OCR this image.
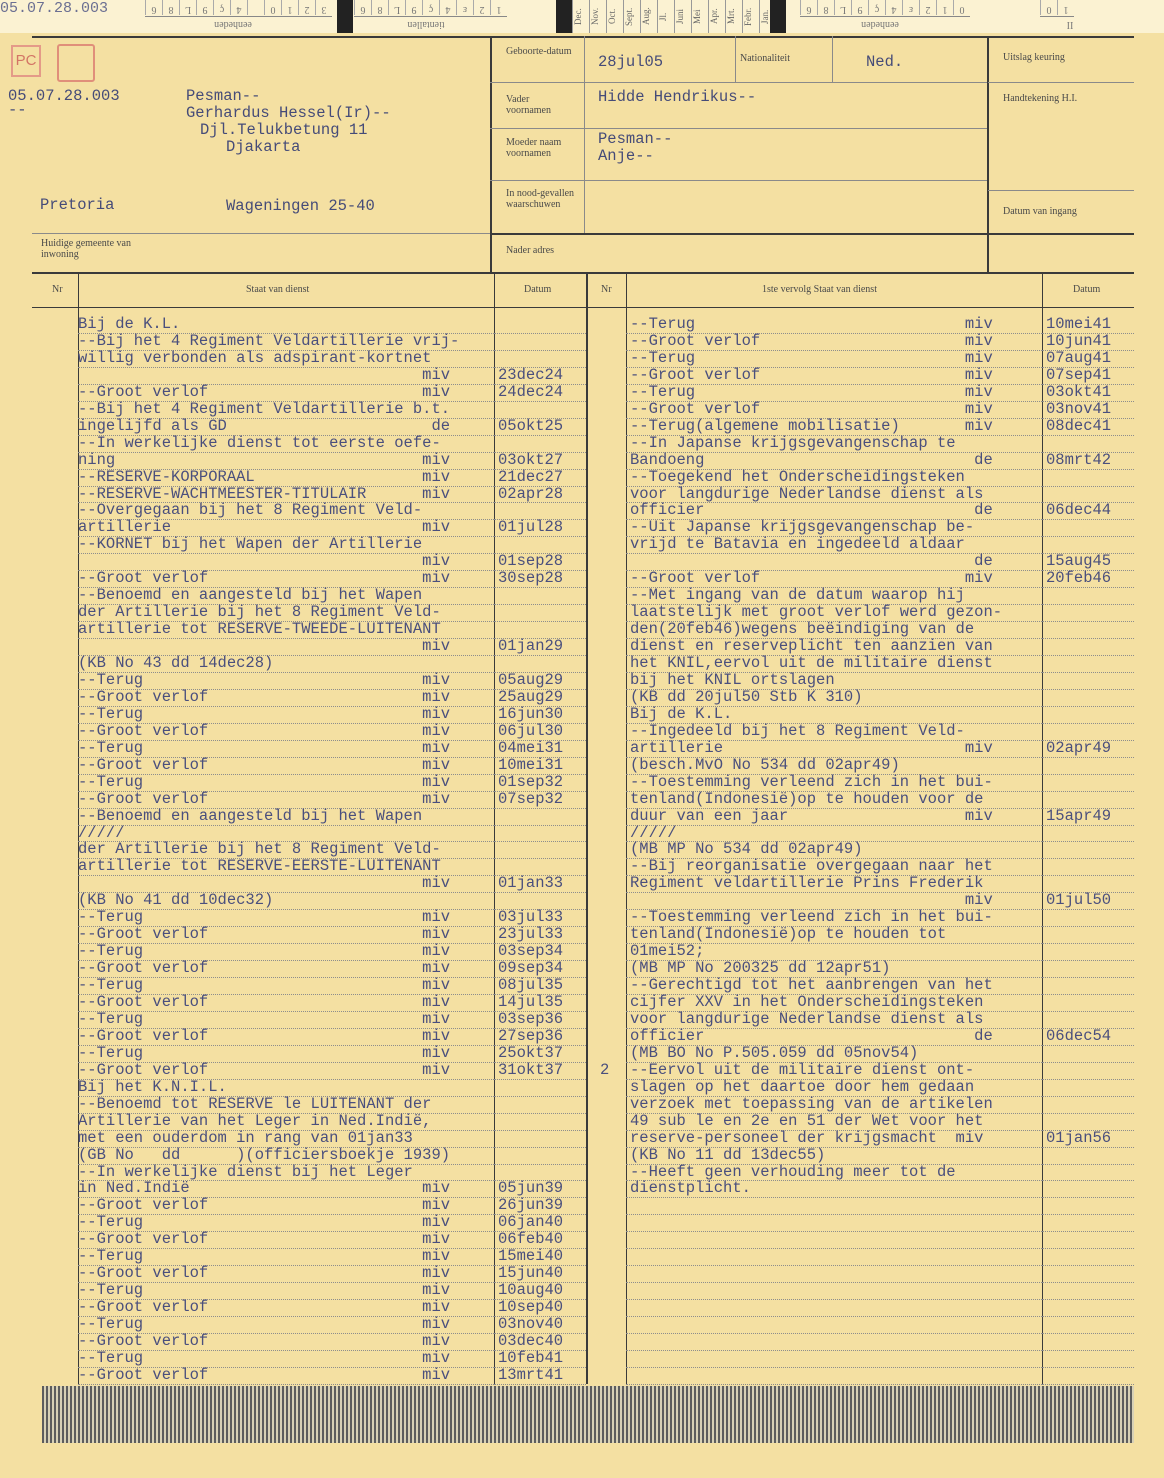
05.07.28.003	6	8	L	9	ç	4	0	1	2	3
eenheden
6	8	L	9	ç	4	ε	2	1
tientallen	Dec. Nov. Oct. Sept. Aug. Jl. Juni Mei Apr. Mrt. Febr. Jan.	6	8	L	9	ç	4	ε	2	1	0
eenheden
0	1
II
PC
05.07.28.003
--
Pesman--
Gerhardus Hessel(Ir)--
Djl.Telukbetung 11
Djakarta
Pretoria	Wageningen 25-40
Huidige gemeente van inwoning
Geboorte-datum
28jul05	Nationaliteit	Ned.
Vader voornamen
Hidde Hendrikus--
Moeder naam voornamen
Pesman--
Anje--
In nood-gevallen waarschuwen
Nader adres
Uitslag keuring
Handtekening H.I.
Datum van ingang
Nr	Staat van dienst	Datum	Nr	1ste vervolg Staat van dienst	Datum
Bij de K.L.
--Bij het 4 Regiment Veldartillerie vrij-
willig verbonden als adspirant-kortnet
miv	23dec24
--Groot verlof                       miv	24dec24
--Bij het 4 Regiment Veldartillerie b.t.
ingelijfd als GD                      de	05okt25
--In werkelijke dienst tot eerste oefe-
ning                                 miv	03okt27
--RESERVE-KORPORAAL                  miv	21dec27
--RESERVE-WACHTMEESTER-TITULAIR      miv	02apr28
--Overgegaan bij het 8 Regiment Veld-
artillerie                           miv	01jul28
--KORNET bij het Wapen der Artillerie
miv	01sep28
--Groot verlof                       miv	30sep28
--Benoemd en aangesteld bij het Wapen
der Artillerie bij het 8 Regiment Veld-
artillerie tot RESERVE-TWEEDE-LUITENANT
miv	01jan29
(KB No 43 dd 14dec28)
--Terug                              miv	05aug29
--Groot verlof                       miv	25aug29
--Terug                              miv	16jun30
--Groot verlof                       miv	06jul30
--Terug                              miv	04mei31
--Groot verlof                       miv	10mei31
--Terug                              miv	01sep32
--Groot verlof                       miv	07sep32
--Benoemd en aangesteld bij het Wapen
/////
der Artillerie bij het 8 Regiment Veld-
artillerie tot RESERVE-EERSTE-LUITENANT
miv	01jan33
(KB No 41 dd 10dec32)
--Terug                              miv	03jul33
--Groot verlof                       miv	23jul33
--Terug                              miv	03sep34
--Groot verlof                       miv	09sep34
--Terug                              miv	08jul35
--Groot verlof                       miv	14jul35
--Terug                              miv	03sep36
--Groot verlof                       miv	27sep36
--Terug                              miv	25okt37
--Groot verlof                       miv	31okt37
Bij het K.N.I.L.
--Benoemd tot RESERVE le LUITENANT der
Artillerie van het Leger in Ned.Indië,
met een ouderdom in rang van 01jan33
(GB No   dd      )(officiersboekje 1939)
--In werkelijke dienst bij het Leger
in Ned.Indië                         miv	05jun39
--Groot verlof                       miv	26jun39
--Terug                              miv	06jan40
--Groot verlof                       miv	06feb40
--Terug                              miv	15mei40
--Groot verlof                       miv	15jun40
--Terug                              miv	10aug40
--Groot verlof                       miv	10sep40
--Terug                              miv	03nov40
--Groot verlof                       miv	03dec40
--Terug                              miv	10feb41
--Groot verlof                       miv	13mrt41
--Terug                             miv	10mei41
--Groot verlof                      miv	10jun41
--Terug                             miv	07aug41
--Groot verlof                      miv	07sep41
--Terug                             miv	03okt41
--Groot verlof                      miv	03nov41
--Terug(algemene mobilisatie)       miv	08dec41
--In Japanse krijgsgevangenschap te
Bandoeng                             de	08mrt42
--Toegekend het Onderscheidingsteken
voor langdurige Nederlandse dienst als
officier                             de	06dec44
--Uit Japanse krijgsgevangenschap be-
vrijd te Batavia en ingedeeld aldaar
de	15aug45
--Groot verlof                      miv	20feb46
--Met ingang van de datum waarop hij
laatstelijk met groot verlof werd gezon-
den(20feb46)wegens beëindiging van de
dienst en reserveplicht ten aanzien van
het KNIL,eervol uit de militaire dienst
bij het KNIL ortslagen
(KB dd 20jul50 Stb K 310)
Bij de K.L.
--Ingedeeld bij het 8 Regiment Veld-
artillerie                          miv	02apr49
(besch.MvO No 534 dd 02apr49)
--Toestemming verleend zich in het bui-
tenland(Indonesië)op te houden voor de
duur van een jaar                   miv	15apr49
/////
(MB MP No 534 dd 02apr49)
--Bij reorganisatie overgegaan naar het
Regiment veldartillerie Prins Frederik
miv	01jul50
--Toestemming verleend zich in het bui-
tenland(Indonesië)op te houden tot
01mei52;
(MB MP No 200325 dd 12apr51)
--Gerechtigd tot het aanbrengen van het
cijfer XXV in het Onderscheidingsteken
voor langdurige Nederlandse dienst als
officier                             de	06dec54
(MB BO No P.505.059 dd 05nov54)
2 --Eervol uit de militaire dienst ont-
slagen op het daartoe door hem gedaan
verzoek met toepassing van de artikelen
49 sub le en 2e en 51 der Wet voor het
reserve-personeel der krijgsmacht  miv	01jan56
(KB No 11 dd 13dec55)
--Heeft geen verhouding meer tot de
dienstplicht.
